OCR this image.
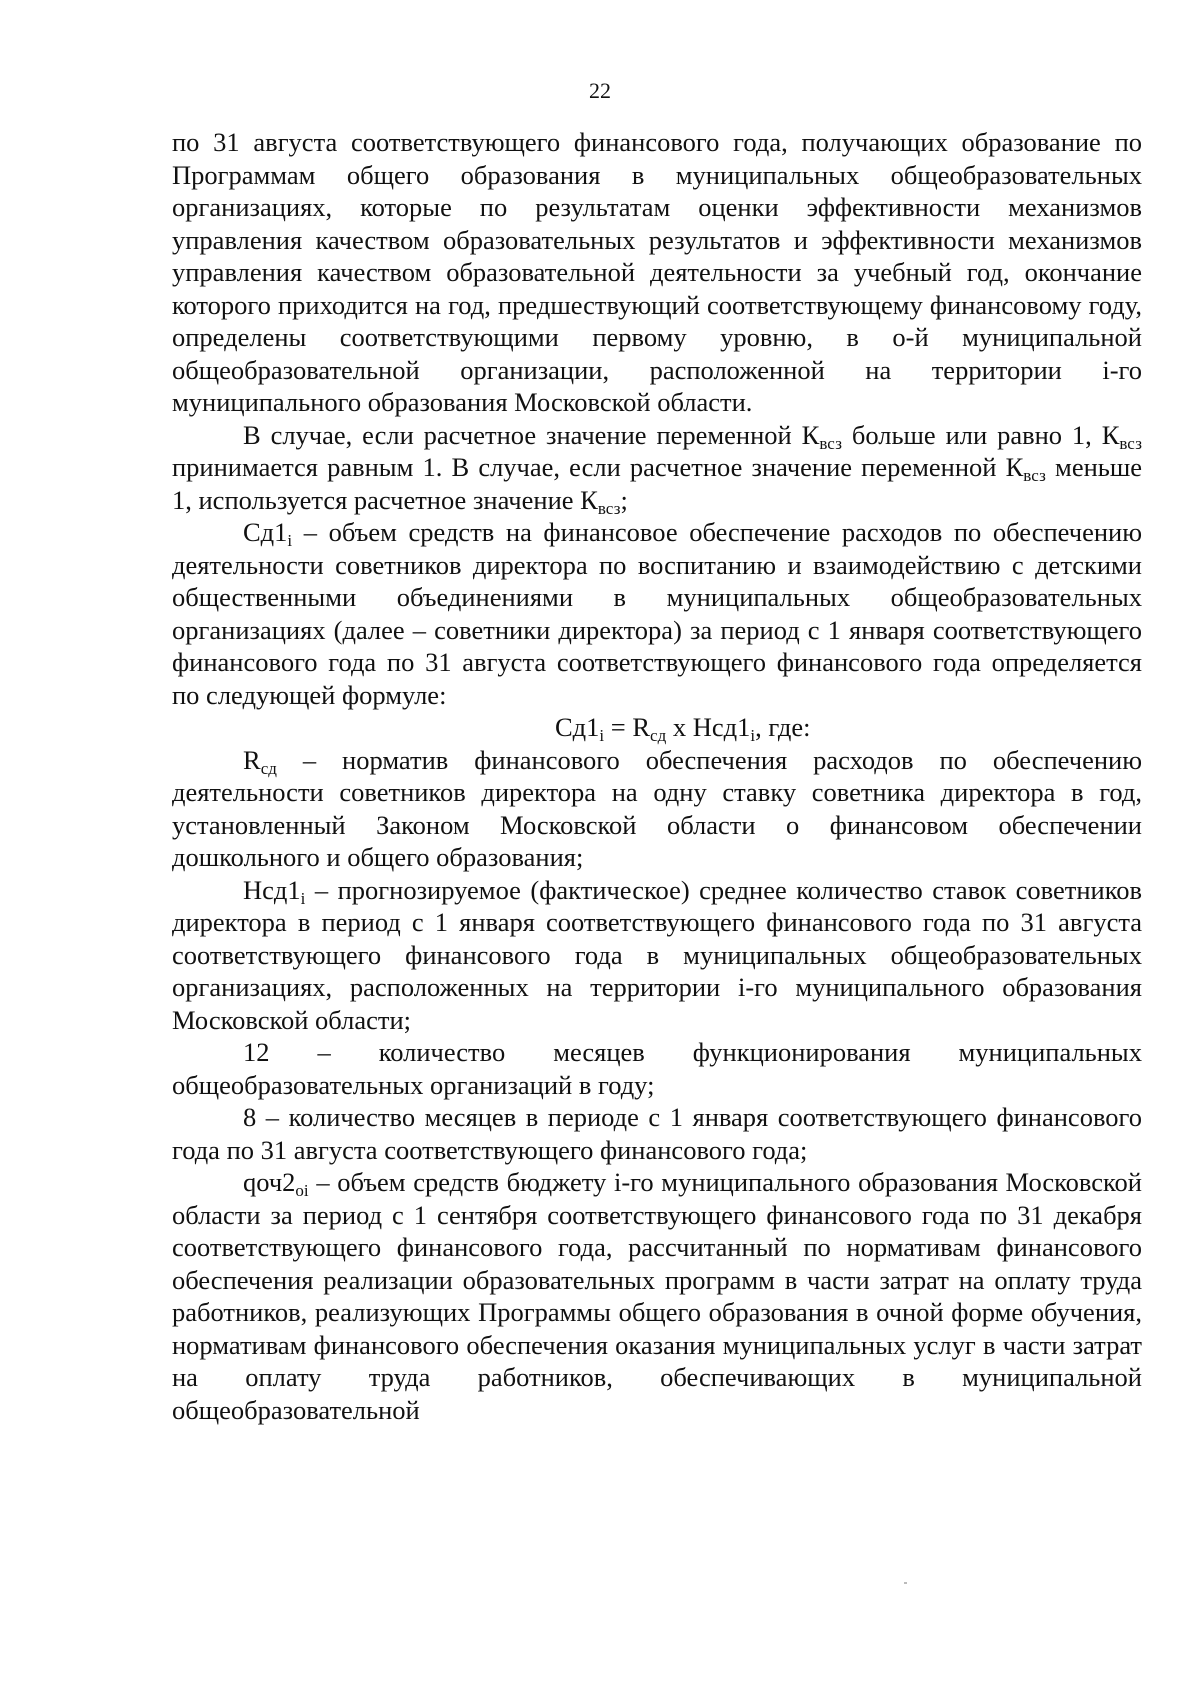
22

по 31 августа соответствующего финансового года, получающих образование по Программам общего образования в муниципальных общеобразовательных организациях, которые по результатам оценки эффективности механизмов управления качеством образовательных результатов и эффективности механизмов управления качеством образовательной деятельности за учебный год, окончание которого приходится на год, предшествующий соответствующему финансовому году, определены соответствующими первому уровню, в о-й муниципальной общеобразовательной организации, расположенной на территории i-го муниципального образования Московской области.

В случае, если расчетное значение переменной $К_{всз}$ больше или равно 1, $К_{всз}$ принимается равным 1. В случае, если расчетное значение переменной $К_{всз}$ меньше 1, используется расчетное значение $К_{всз}$;

$Сд1_i$ – объем средств на финансовое обеспечение расходов по обеспечению деятельности советников директора по воспитанию и взаимодействию с детскими общественными объединениями в муниципальных общеобразовательных организациях (далее – советники директора) за период с 1 января соответствующего финансового года по 31 августа соответствующего финансового года определяется по следующей формуле:

$Сд1_i = R_{сд}$ х $Нсд1_i$, где:

$R_{сд}$ – норматив финансового обеспечения расходов по обеспечению деятельности советников директора на одну ставку советника директора в год, установленный Законом Московской области о финансовом обеспечении дошкольного и общего образования;

$Нсд1_i$ – прогнозируемое (фактическое) среднее количество ставок советников директора в период с 1 января соответствующего финансового года по 31 августа соответствующего финансового года в муниципальных общеобразовательных организациях, расположенных на территории i-го муниципального образования Московской области;

12 – количество месяцев функционирования муниципальных общеобразовательных организаций в году;

8 – количество месяцев в периоде с 1 января соответствующего финансового года по 31 августа соответствующего финансового года;

$qоч2_{oi}$ – объем средств бюджету i-го муниципального образования Московской области за период с 1 сентября соответствующего финансового года по 31 декабря соответствующего финансового года, рассчитанный по нормативам финансового обеспечения реализации образовательных программ в части затрат на оплату труда работников, реализующих Программы общего образования в очной форме обучения, нормативам финансового обеспечения оказания муниципальных услуг в части затрат на оплату труда работников, обеспечивающих в муниципальной общеобразовательной
